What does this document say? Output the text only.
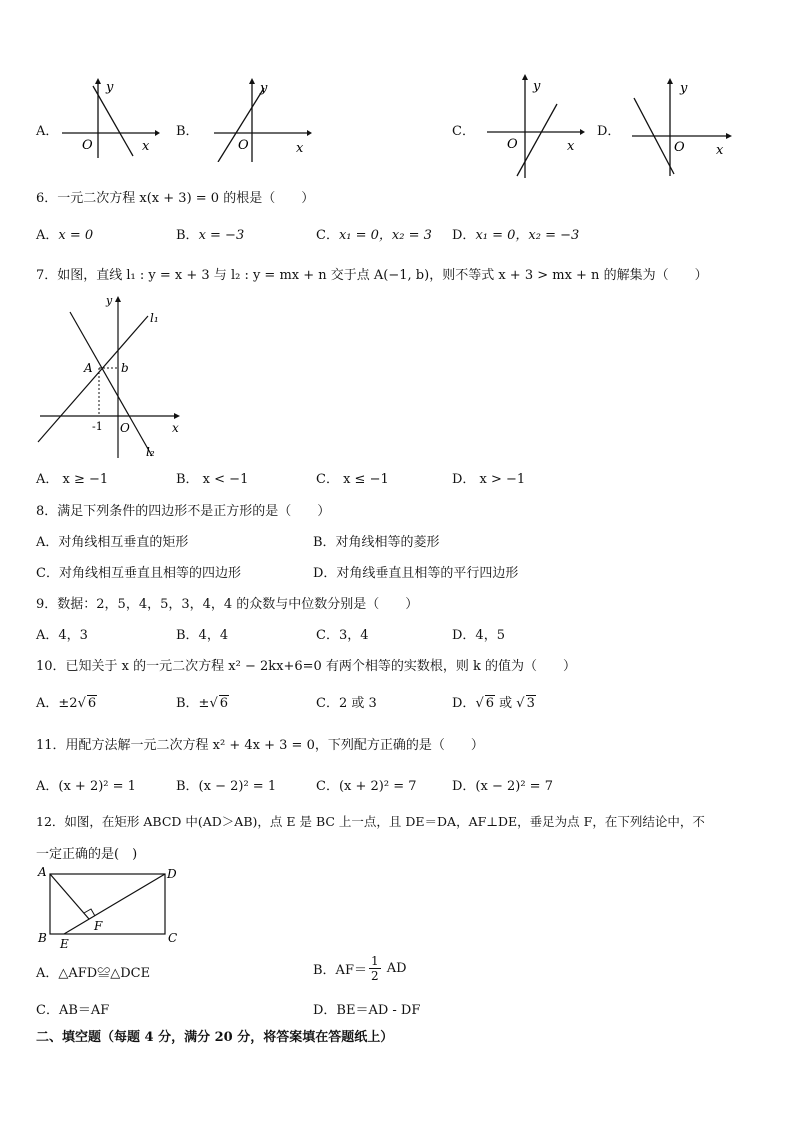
A．
y
x
O
B．
y
x
O
C．
y
x
O
D．
y
x
O
6．一元二次方程 x(x + 3) = 0 的根是（　　）
A．x = 0	B．x = −3	C．x₁ = 0，x₂ = 3 D．x₁ = 0，x₂ = −3
7．如图，直线 l₁ : y = x + 3 与 l₂ : y = mx + n 交于点 A(−1, b)，则不等式 x + 3 > mx + n 的解集为（　　）
y
l₁
l₂
A b
-1 O	x
A． x ≥ −1	B． x < −1	C． x ≤ −1	D． x > −1
8．满足下列条件的四边形不是正方形的是（　　）
A．对角线相互垂直的矩形	B．对角线相等的菱形
C．对角线相互垂直且相等的四边形	D．对角线垂直且相等的平行四边形
9．数据：2，5，4，5，3，4，4 的众数与中位数分别是（　　）
A．4，3	B．4，4	C．3，4	D．4，5
10．已知关于 x 的一元二次方程 x² − 2kx+6=0 有两个相等的实数根，则 k 的值为（　　）
A．±2√ 6	B．±√ 6	C．2 或 3	D．√ 6 或 √ 3
11．用配方法解一元二次方程 x² + 4x + 3 = 0，下列配方正确的是（　　）
A．(x + 2)² = 1	B．(x − 2)² = 1	C．(x + 2)² = 7	D．(x − 2)² = 7
12．如图，在矩形 ABCD 中(AD＞AB)，点 E 是 BC 上一点，且 DE＝DA，AF⊥DE，垂足为点 F，在下列结论中，不
一定正确的是(　)
A	D
B	C
E
F
A．△AFD≌△DCE	B．$AF= \frac{1}{2}$ AD
C．AB＝AF	D．BE＝AD - DF
二、填空题（每题 4 分，满分 20 分，将答案填在答题纸上）
